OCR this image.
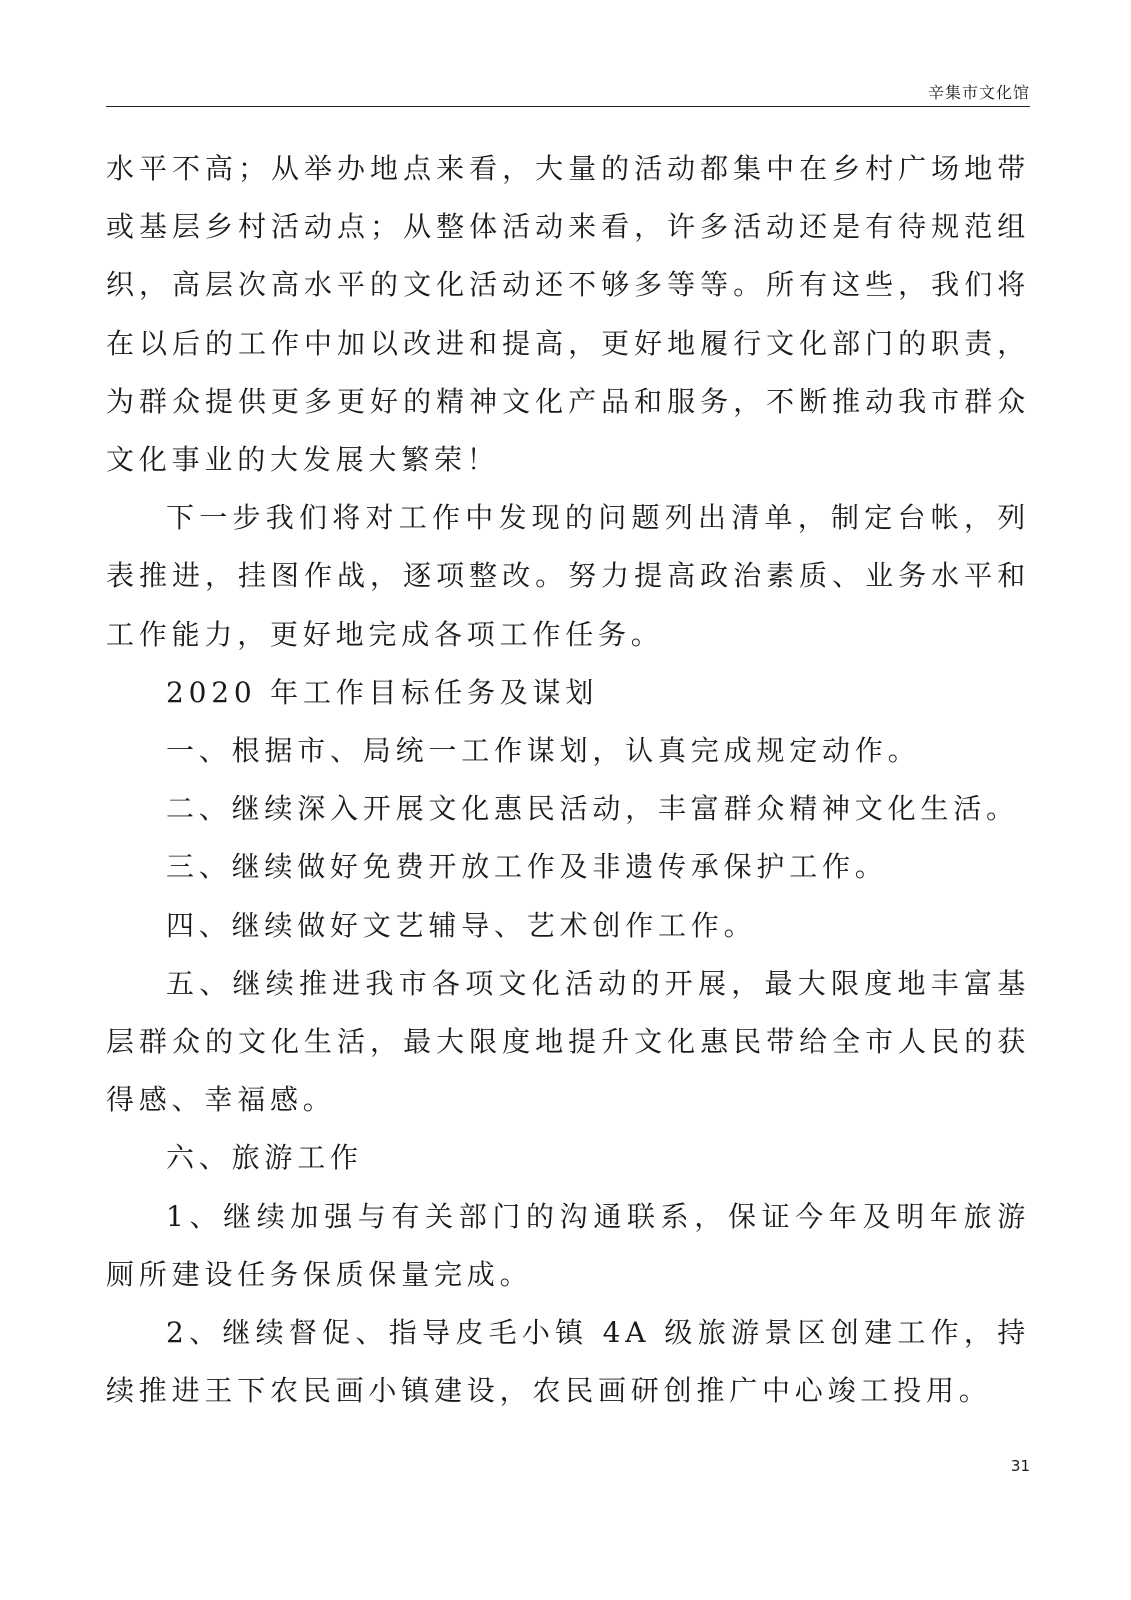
辛集市文化馆

水平不高；从举办地点来看，大量的活动都集中在乡村广场地带或基层乡村活动点；从整体活动来看，许多活动还是有待规范组织，高层次高水平的文化活动还不够多等等。所有这些，我们将在以后的工作中加以改进和提高，更好地履行文化部门的职责，为群众提供更多更好的精神文化产品和服务，不断推动我市群众文化事业的大发展大繁荣！

下一步我们将对工作中发现的问题列出清单，制定台帐，列表推进，挂图作战，逐项整改。努力提高政治素质、业务水平和工作能力，更好地完成各项工作任务。

2020 年工作目标任务及谋划

一、根据市、局统一工作谋划，认真完成规定动作。

二、继续深入开展文化惠民活动，丰富群众精神文化生活。

三、继续做好免费开放工作及非遗传承保护工作。

四、继续做好文艺辅导、艺术创作工作。

五、继续推进我市各项文化活动的开展，最大限度地丰富基层群众的文化生活，最大限度地提升文化惠民带给全市人民的获得感、幸福感。

六、旅游工作

1、继续加强与有关部门的沟通联系，保证今年及明年旅游厕所建设任务保质保量完成。

2、继续督促、指导皮毛小镇 4A 级旅游景区创建工作，持续推进王下农民画小镇建设，农民画研创推广中心竣工投用。

31
